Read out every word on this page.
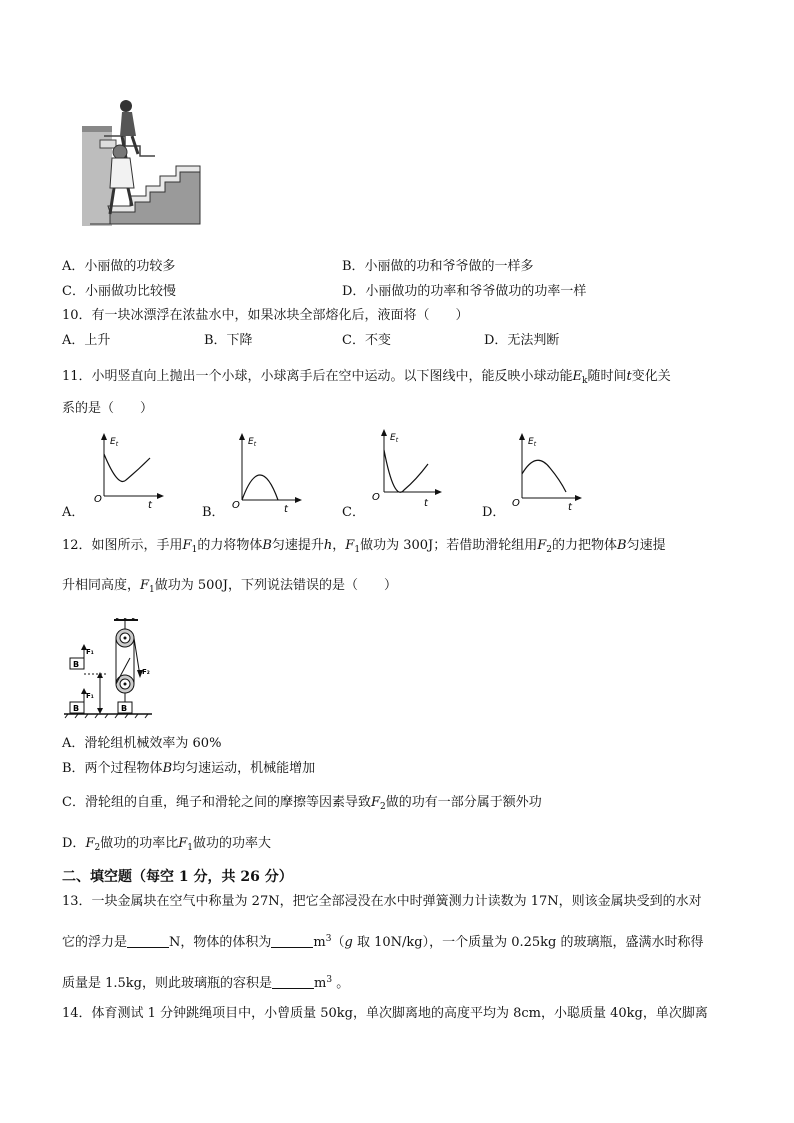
A．小丽做的功较多	B．小丽做的功和爷爷做的一样多
C．小丽做功比较慢	D．小丽做功的功率和爷爷做功的功率一样
10．有一块冰漂浮在浓盐水中，如果冰块全部熔化后，液面将（　　）
A．上升	B．下降	C．不变	D．无法判断
11．小明竖直向上抛出一个小球，小球离手后在空中运动。以下图线中，能反映小球动能$E_k$随时间t变化关
系的是（　　）
$E_t$
O
t
$E_t$
O	t
$E_t$
O
t
$E_t$
O	t
A．	B．	C．	D．
12．如图所示，手用$F_1$的力将物体B匀速提升h，$F_1$做功为 300J；若借助滑轮组用$F_2$的力把物体B匀速提
升相同高度，$F_1$做功为 500J，下列说法错误的是（　　）
F₂
B
B
F₁
B
F₁
A．滑轮组机械效率为 60%
B．两个过程物体B均匀速运动，机械能增加
C．滑轮组的自重，绳子和滑轮之间的摩擦等因素导致$F_2$做的功有一部分属于额外功
D．$F_2$做功的功率比$F_1$做功的功率大
二、填空题（每空 1 分，共 26 分）
13．一块金属块在空气中称量为 27N，把它全部浸没在水中时弹簧测力计读数为 17N，则该金属块受到的水对
它的浮力是	N，物体的体积为	$m^3(g$ 取 10N/kg），一个质量为 0.25kg 的玻璃瓶，盛满水时称得
质量是 1.5kg，则此玻璃瓶的容积是	$m^3$ 。
14．体育测试 1 分钟跳绳项目中，小曾质量 50kg，单次脚离地的高度平均为 8cm，小聪质量 40kg，单次脚离
